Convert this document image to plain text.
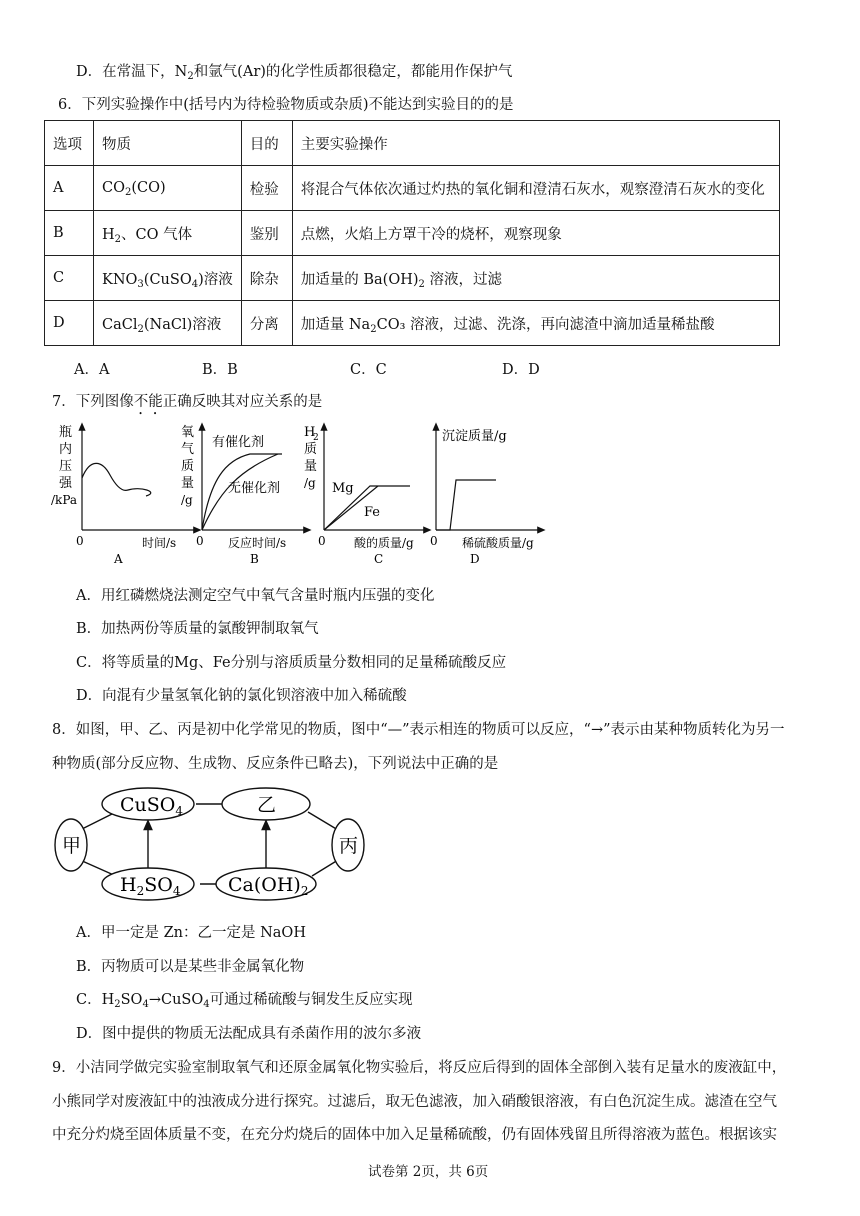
D．在常温下，$N_2$和氩气(Ar)的化学性质都很稳定，都能用作保护气
6．下列实验操作中(括号内为待检验物质或杂质)不能达到实验目的的是
选项	物质	目的	主要实验操作
A	$CO_2(CO)$	检验	将混合气体依次通过灼热的氧化铜和澄清石灰水，观察澄清石灰水的变化
B	$H_2$、CO 气体	鉴别	点燃，火焰上方罩干冷的烧杯，观察现象
C	$KNO_3(CuSO_4)$溶液	除杂	加适量的 $Ba(OH)_2$ 溶液，过滤
D	CaCl$_2$(NaCl)溶液	分离	加适量 $Na_2CO_3$ 溶液，过滤、洗涤，再向滤渣中滴加适量稀盐酸
A．A	B．B	C．C	D．D
7．下列图像不能正确反映其对应关系的是
瓶
内
压
强
/kPa
0	时间/s
A
氧
气
质
量
/g
有催化剂
无催化剂
0 反应时间/s
B
H
2
质
量
/g Mg
Fe
0 酸的质量/g
C
沉淀质量/g
0 稀硫酸质量/g
D
A．用红磷燃烧法测定空气中氧气含量时瓶内压强的变化
B．加热两份等质量的氯酸钾制取氧气
C．将等质量的Mg、Fe分别与溶质质量分数相同的足量稀硫酸反应
D．向混有少量氢氧化钠的氯化钡溶液中加入稀硫酸
8．如图，甲、乙、丙是初中化学常见的物质，图中“—”表示相连的物质可以反应，“→”表示由某种物质转化为另一
种物质(部分反应物、生成物、反应条件已略去)，下列说法中正确的是
CuSO$_4$	乙
甲
$H_2SO_4$	$Ca(OH)_2$
丙
A．甲一定是 Zn：乙一定是 NaOH
B．丙物质可以是某些非金属氧化物
C．$H_2SO_4\to CuSO_4$可通过稀硫酸与铜发生反应实现
D．图中提供的物质无法配成具有杀菌作用的波尔多液
9．小洁同学做完实验室制取氧气和还原金属氧化物实验后，将反应后得到的固体全部倒入装有足量水的废液缸中，
小熊同学对废液缸中的浊液成分进行探究。过滤后，取无色滤液，加入硝酸银溶液，有白色沉淀生成。滤渣在空气
中充分灼烧至固体质量不变，在充分灼烧后的固体中加入足量稀硫酸，仍有固体残留且所得溶液为蓝色。根据该实
试卷第 2页，共 6页
